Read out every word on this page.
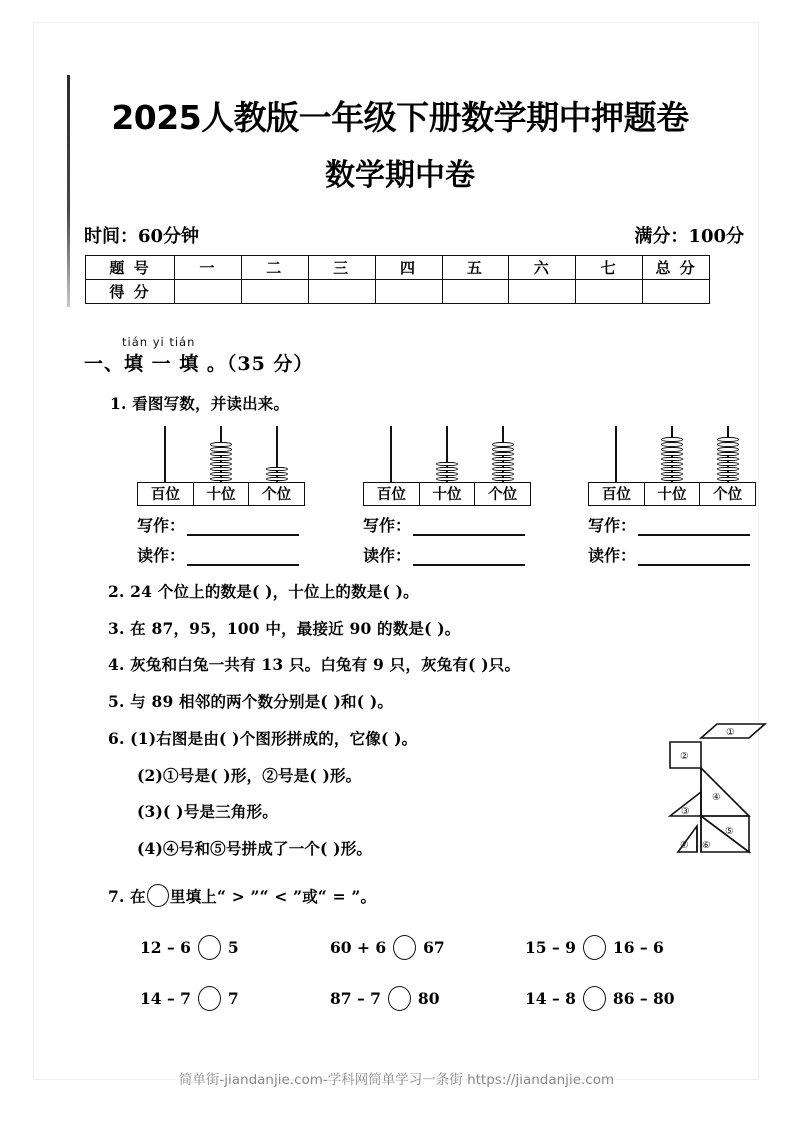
2025人教版一年级下册数学期中押题卷
数学期中卷
时间：60分钟	满分：100分
题 号	一	二	三	四	五	六	七	总 分
得 分								
tián yi tián
一、填 一 填 。（35 分）
1. 看图写数，并读出来。
百位	十位	个位
写作：
读作：
百位	十位	个位
写作：
读作：
百位	十位	个位
写作：
读作：
2. 24 个位上的数是( )，十位上的数是( )。
3. 在 87，95，100 中，最接近 90 的数是( )。
4. 灰兔和白兔一共有 13 只。白兔有 9 只，灰兔有( )只。
5. 与 89 相邻的两个数分别是( )和( )。
6. (1)右图是由( )个图形拼成的，它像( )。
(2)①号是( )形，②号是( )形。
(3)( )号是三角形。
(4)④号和⑤号拼成了一个( )形。
①
②
③
④
⑤
⑥
⑦
7. 在 里填上“ > ”“ < ”或“ = ”。
12 – 6 5	60 + 6 67	15 – 9 16 – 6
14 – 7 7	87 – 7 80	14 – 8 86 – 80
简单街-jiandanjie.com-学科网简单学习一条街 https://jiandanjie.com
